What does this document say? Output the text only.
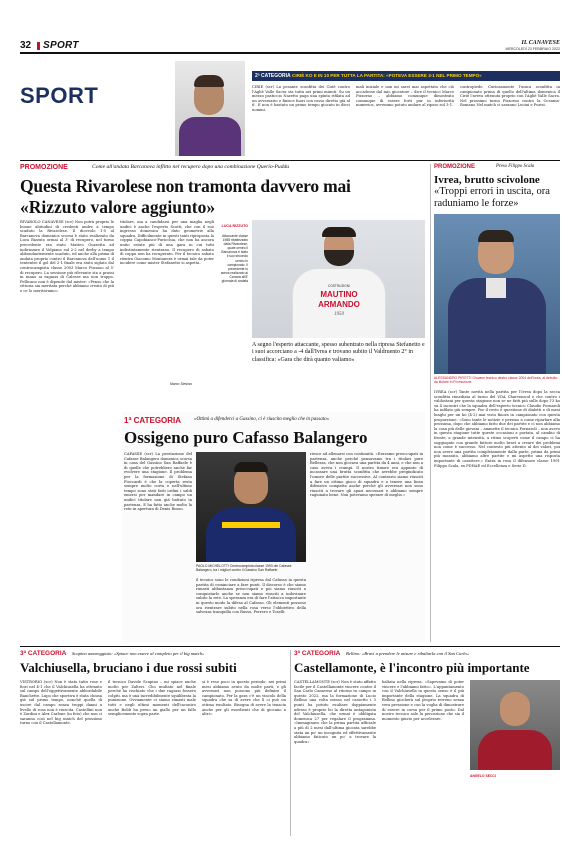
32 SPORT	IL CANAVESE
MERCOLEDÌ 23 FEBBRAIO 2022
SPORT
2ª CATEGORIA CIRIÈ KO E IN 10 PER TUTTA LA PARTITA: «POTEVA ESSERE 3-1 NEL PRIMO TEMPO»
CIRIÈ (scr) La pesante sconfitta dei Ciriè contro l'Agliè Valle Sacra sta tutta nei primi minuti. Su un mezzo pasticcio Nazetto paga una spinta rifilata ad un avversario e finisce fuori con rosso diretto già al 6'. E non è bastato un primo tempo giocato in dieci uomini.
mali iniziale e non mi sarei mai aspettato che ciò accadesse dal mio giocatore – dice il tecnico Marco Pizzorno – abbiamo comunque dimostrato comunque di essere forti pur in inferiorità numerica, avremmo potuto andare al riposo sul 3-1.
contropiede. Curiosamente l'unica sconfitta in campionato prima di quello dell'ultima domenica il Ciriè l'aveva ottenuta proprio con l'Agliè Valle Sacra. Nel prossimo turno Pizzorno contro la Oceania-Romano Nel match ci saranno Lucini e Purisi.
PROMOZIONE	Come all'andata Barcanova inflitto nel recupero dopo una combinazione Querio-Puddu
Questa Rivarolese non tramonta davvero mai
«Rizzuto valore aggiunto»
RIVAROLO CANAVESE (scr) Non potrà proprio le buone abitudini di credenti andre a tempo scaduto la Rivarolese. Il dicevolo 1-0 al Barcanova domenica scorsa è stato realizzato da Luca Rizzuto ormai al 3' di recupero, nel turno precedente era stato Matteo Guzzetta ad indirizzare il Volpiano sul 2-2 nel derby a tempo abbondantemente scaduto, ed anche alla prima di andata proprio contro il Barcanova dell'uomo 1 il tententre il gol del 2-1 finale era stato siglato dal centrocampista classe 2003 Marco Fossaso al 5' di recupero. La sessione più rilevante sta a prassi in mano ai ragazzi di Calesse ma non troppo. Pellicano non è dipende dal mister: «Penso che la vittoria sia meritata perché abbiamo creato di più e ce lo meritavamo».
titolare, ma a candidarsi per una maglia negli undici è anche l'esperto Scotti, che con il suo ingresso domenica ha dato geometrie alla squadra. Difficilmente in questi tanti riproposta la coppia Capobianco-Puricchia, che non ha ancora unito estate più di una gara in cui tutti indistintamente rientrano. Il recupero di sabato di coppa non ha recuperato. Per il tecnico sabato rientra Giacomo Montonera è ormai tale da poter incidere come mister Stefanetto si aspetta.
Marco Stesina
LUCA RIZZUTO
Attaccante classe 1988 ribattezzato dalla Rivarolese, quale centro il Barcanova è stato il suo secondo centro in campionato. Il precedente lo aveva realizzato al Carrara all'8' giornata di andata
COSTRUZIONI
MAUTINO
ARMANDO
1950
A segno l'esperto attaccante, spesso subentrato nella ripresa Stefanetto e i suoi accorciano a -4 dall'Ivrea e trovano subito il Valdruento 2° in classifica: «Gara che dirà quanto valiamo»
PROMOZIONE	Preso Filippo Scala
Ivrea, brutto scivolone
«Troppi errori in uscita, ora raduniamo le forze»
ALESSANDRO PIROTTI Giovane tecnico destro classe 2004 dell'Ivrea, al debutto da titolare in Promozione
IVREA (scr) Tante novità nella partita per l'Ivrea dopo la secca sconfitta rimediata al turno del VDA Charvensod e che contro i valdostani per questa stagione non se ne fatti più sulle dopo l'3 ko su 4 incontri che la squadra dell'esperto tecnico Claudio Fornaroli ha infilato già sempre. Per il resto è questione di dialetti e di mesi lunghi per un ko (4-2) mai visto finora in campionato con questa proporzione. «Sono tante le notizie e persino a come riparlare alla prossima, dopo che abbiamo fatto due dei partite e ci non abbiamo la cosa più delle giovani – ammette il tecnico Fornaroli – non avevo in questa stagione tutte queste occasioni a portata, al cambio di fronte, a grande intensità, a ritmo scoperti come il campo ci ha soggiogato con grande fattore molto bravi a creare dei problemi non come è successo. Nel contesto più attento al dei valori, poi non avere una partita completamente dalla parte, prima da primi più mozzato, abbiamo altre partite e mi aspetto una risposta importante di carattere.» Entra in rosa il difensore classe 1991 Filippo Scala, ex PDHAE ed Eccellenza e Serie D.
1ª CATEGORIA	«Ottimi a difenderci a Gassino, ci è riuscito meglio che in passato»
Ossigeno puro Cafasso Balangero
CAFASSE (scr) La prestazione del Cafasse Balangero domenica scorsa in casa del Gassino San Raffaele è di quelle che potrebbero anche far evolvere una stagione. Il problema per la formazione di Stefano Fioccardi è che la coperta resta sempre molto corta e nell'ultimo tempo sono stati fatti ordini i saldi emersi per mandare in campo un undici titolare non già battuto in partenza. E ha fatto anche molto la rete in apertura di Denis Russo.
PAOLO MICHELOTTI Centrocampista classe 1993 del Cafasse Balangero, tra i migliori contro il Gassino San Raffaele
il tecnico sono le condizioni ripresa dal Cafasso in questa partita di cominciare a fare punti. Il discorso è che siamo rimasti abbastanza preoccupati e poi siamo riusciti a conquistarlo anche se non siamo riusciti a indovinare subito la rete. La speranza era di fare l'attacco importante in questo modo la difesa al Cafasso. Gli elementi possono ora rientrare subito nella rosa verso l'obbiettivo della salvezza tranquilla con Russo, Ferrero e Toselli.
riesce ad allenarsi con continuità. «Eravamo preoccupati in partenza, anche perché pensavamo tra i titolari pure Bellezza, che non giocava una partita da 4 anni, e che non a caso aveva i crampi. Il nostro timore era appunto di incassare una brutta sconfitta che avrebbe pregiudicato l'umore delle partite successive. Al contrario siamo riusciti a fare un ottimo gioco di squadra e a tenere una linea difensiva compatta anche perché gli avversari non sono riusciti a trovare gli spazi necessari e abbiamo sempre ragionato bene. Non potevamo sperare di meglio.»
3ª CATEGORIA Scapino amareggiato: «Spiace non essere al completo per il big match»
Valchiusella, bruciano i due rossi subiti
VISTRORIO (scr) Non è stato tutto rose e fiori nel 4-1 che il Valchiusella ha ottenuto sul campo dell'oggettivamente abbordabile Banchette. Lupo che sportiva è stata chiusa già sul primo tempo, nonché quella di uscire dal campo senza troppi danni a livello di rosa non è riuscita. Castellini non è Zardini e Alex Carlone (in foto) che non ci saranno così nel big match del prossimo turno con il Castellamonte.
il tecnico Davide Scapino – mi spiace anche molto per Zalteri. Cho multato nel finale perché ha rischiato che i due ragazzi fossero colpiti, ma è una incredibilmente squilibrata la punizione. Ovviamente ci siamo rimasti male tutti e negli ultimi momenti dell'incontro anche Boldi ha preso un giallo per un fallo semplicemente sopra parte.
si è reso poco in questo periodo: nei primi mesi abbiamo avuto da molte parti, e gli avversari non possono più definire il campionato. Per la gara c'è un vincolo della squadra che sa di avere che lì ci può un ottimo risultato. Bisogna di avere la tenacia anche per gli esordienti che di giocano a altri».
3ª CATEGORIA Bellino: «Bravi a prendere le misure e ribaltarla con il San Carlo»
Castellamonte, è l'incontro più importante
CASTELLAMONTE (scr) Non è stato affatto facile per il Castellamonte vincere contro il San Carlo Canavese al ritorno in campo in questo 2022, ma la formazione di Lucio Bellino una volta messo nel cassetto i 3 punti ha potuto esultare doppiamente adesso è proprio lei la diretta antagonista del Valchiusella, che ormai è obbligata domenica 27 per regalare il programma. «Immaginavo che la prima partita ufficiale a più di 2 mesi dall'ultima giocata sarebbe stata un po' un incognita ed effettivamente abbiamo faticato un po' a trovare la quadra».
baltata nella ripresa. «Sapevamo di poter vincere e l'abbiamo fatto». L'appuntamento con il Valchiusella in questo senso è il più importante della stagione. La squadra di Bellino giocherà sul proprio terreno senza vera pressione e con la voglia di dimostrare di essere in corsa per il primo posto. Dal nostro tecnico sale la percezione che sia il momento giusto per accelerare.
ANGELO SECCI
